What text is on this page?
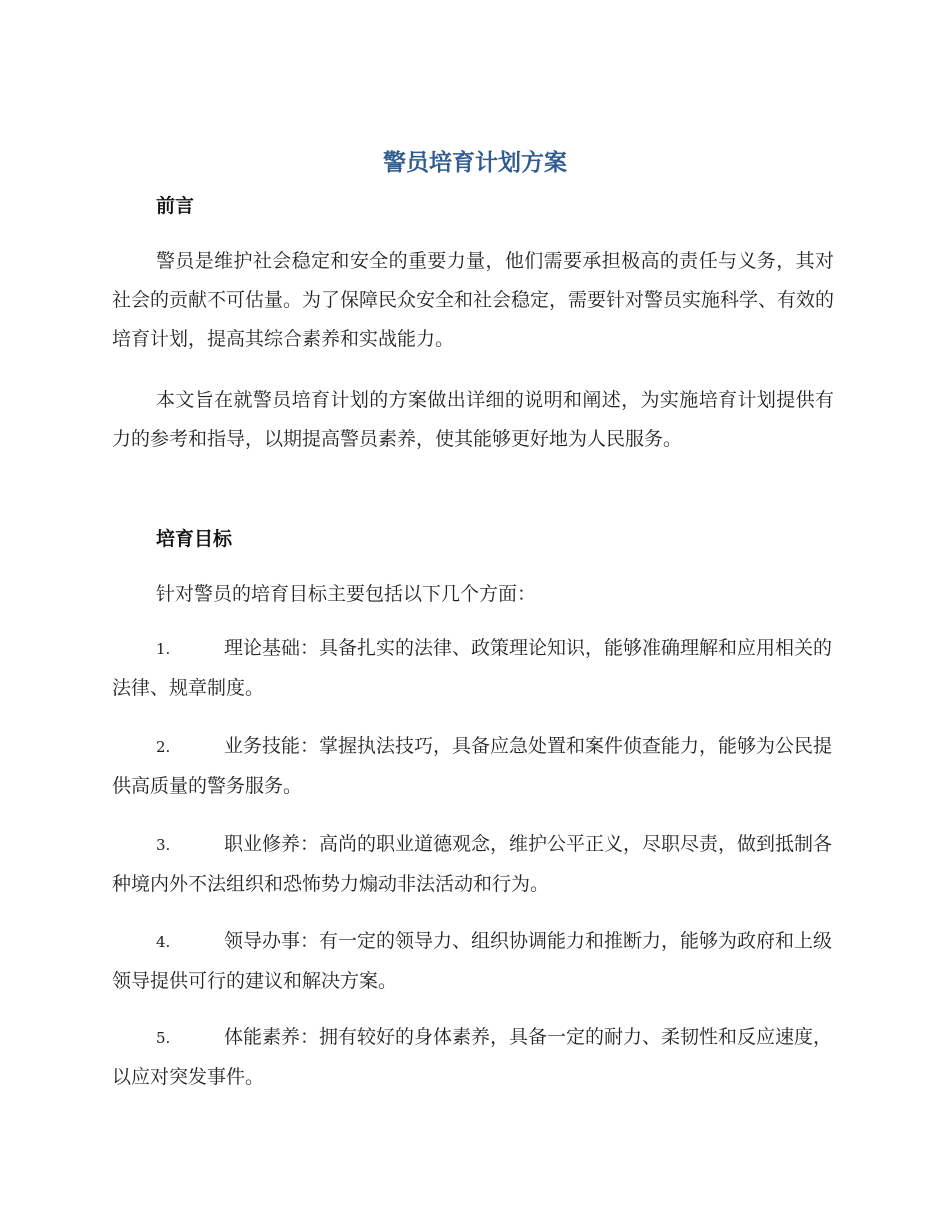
警员培育计划方案
前言

警员是维护社会稳定和安全的重要力量，他们需要承担极高的责任与义务，其对社会的贡献不可估量。为了保障民众安全和社会稳定，需要针对警员实施科学、有效的培育计划，提高其综合素养和实战能力。

本文旨在就警员培育计划的方案做出详细的说明和阐述，为实施培育计划提供有力的参考和指导，以期提高警员素养，使其能够更好地为人民服务。

培育目标

针对警员的培育目标主要包括以下几个方面：

1.	理论基础：具备扎实的法律、政策理论知识，能够准确理解和应用相关的法律、规章制度。

2.	业务技能：掌握执法技巧，具备应急处置和案件侦查能力，能够为公民提供高质量的警务服务。

3.	职业修养：高尚的职业道德观念，维护公平正义，尽职尽责，做到抵制各种境内外不法组织和恐怖势力煽动非法活动和行为。

4.	领导办事：有一定的领导力、组织协调能力和推断力，能够为政府和上级领导提供可行的建议和解决方案。

5.	体能素养：拥有较好的身体素养，具备一定的耐力、柔韧性和反应速度，以应对突发事件。
